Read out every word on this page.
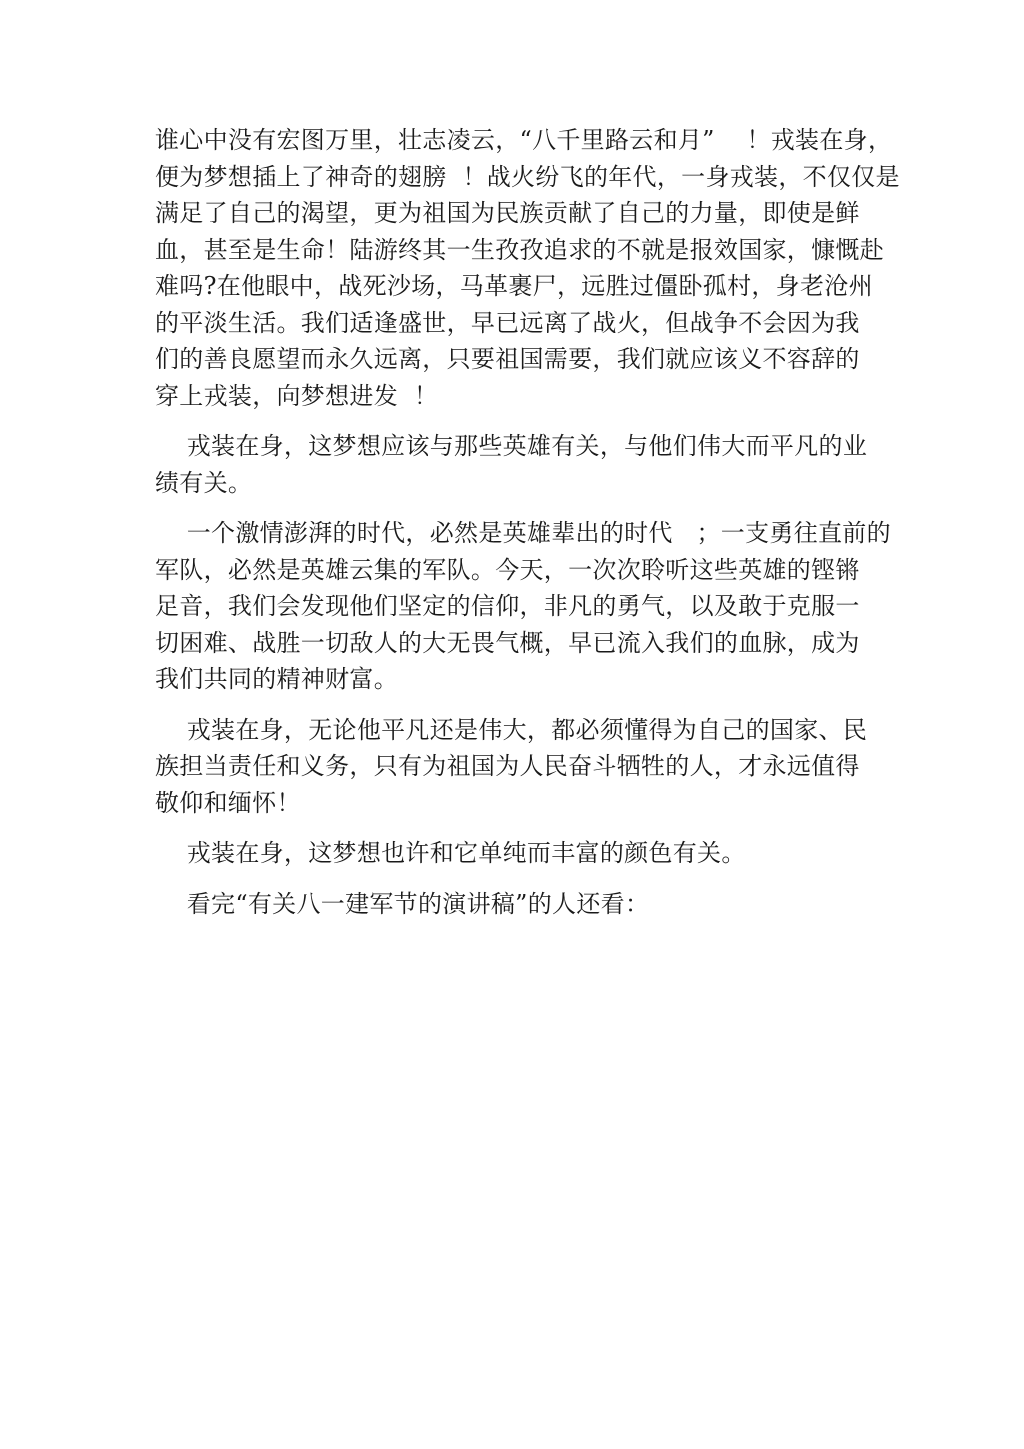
谁心中没有宏图万里，壮志凌云，“八千里路云和月”    ！戎装在身，
便为梦想插上了神奇的翅膀  ！战火纷飞的年代，一身戎装，不仅仅是
满足了自己的渴望，更为祖国为民族贡献了自己的力量，即使是鲜
血，甚至是生命！陆游终其一生孜孜追求的不就是报效国家，慷慨赴
难吗?在他眼中，战死沙场，马革裹尸，远胜过僵卧孤村，身老沧州
的平淡生活。我们适逢盛世，早已远离了战火，但战争不会因为我
们的善良愿望而永久远离，只要祖国需要，我们就应该义不容辞的
穿上戎装，向梦想进发  ！

戎装在身，这梦想应该与那些英雄有关，与他们伟大而平凡的业
绩有关。

一个激情澎湃的时代，必然是英雄辈出的时代   ；一支勇往直前的
军队，必然是英雄云集的军队。今天，一次次聆听这些英雄的铿锵
足音，我们会发现他们坚定的信仰，非凡的勇气，以及敢于克服一
切困难、战胜一切敌人的大无畏气概，早已流入我们的血脉，成为
我们共同的精神财富。

戎装在身，无论他平凡还是伟大，都必须懂得为自己的国家、民
族担当责任和义务，只有为祖国为人民奋斗牺牲的人，才永远值得
敬仰和缅怀！

戎装在身，这梦想也许和它单纯而丰富的颜色有关。

看完“有关八一建军节的演讲稿”的人还看：
